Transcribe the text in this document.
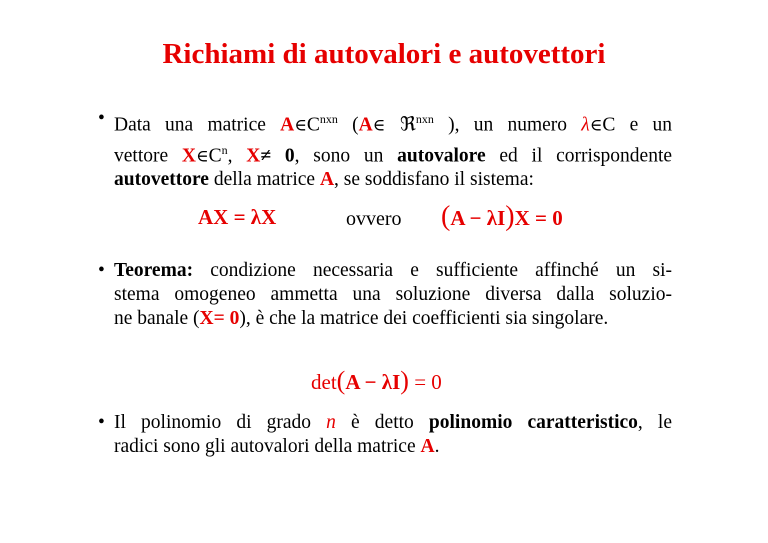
Richiami di autovalori e autovettori
• Data una matrice $A\in C^{nxn}$ (A∈ ℜ$^{nxn}$ ), un numero λ∈C e un
vettore $X\in C^n$, X≠ 0, sono un autovalore ed il corrispondente
autovettore della matrice A, se soddisfano il sistema:
AX = λX	ovvero (A − λI)X = 0
• Teorema: condizione necessaria e sufficiente affinché un si-
stema omogeneo ammetta una soluzione diversa dalla soluzio-
ne banale (X= 0), è che la matrice dei coefficienti sia singolare.
det(A − λI) = 0
• Il polinomio di grado n è detto polinomio caratteristico, le
radici sono gli autovalori della matrice A.
